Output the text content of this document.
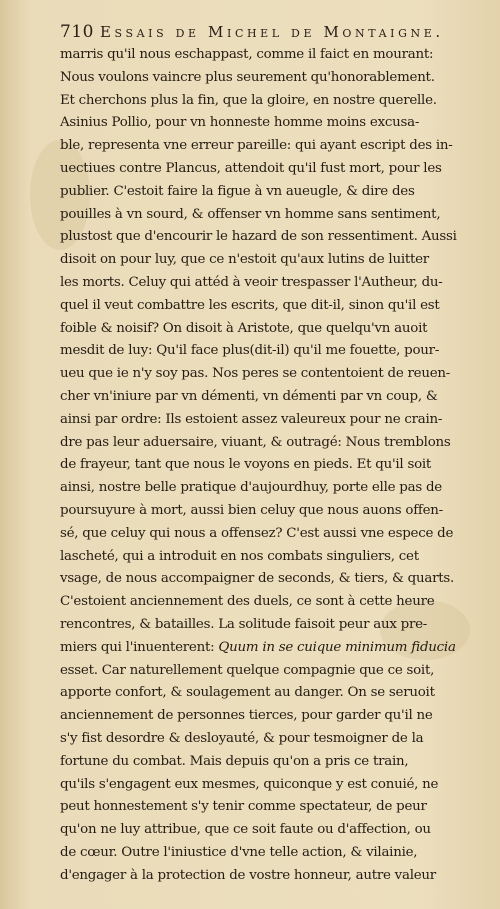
710 Essais de Michel de Montaigne.
marris qu'il nous eschappast, comme il faict en mourant:
Nous voulons vaincre plus seurement qu'honorablement.
Et cherchons plus la fin, que la gloire, en nostre querelle.
Asinius Pollio, pour vn honneste homme moins excusa-
ble, representa vne erreur pareille: qui ayant escript des in-
uectiues contre Plancus, attendoit qu'il fust mort, pour les
publier. C'estoit faire la figue à vn aueugle, & dire des
pouilles à vn sourd, & offenser vn homme sans sentiment,
plustost que d'encourir le hazard de son ressentiment. Aussi
disoit on pour luy, que ce n'estoit qu'aux lutins de luitter
les morts. Celuy qui attéd à veoir trespasser l'Autheur, du-
quel il veut combattre les escrits, que dit-il, sinon qu'il est
foible & noisif? On disoit à Aristote, que quelqu'vn auoit
mesdit de luy: Qu'il face plus(dit-il) qu'il me fouette, pour-
ueu que ie n'y soy pas. Nos peres se contentoient de reuen-
cher vn'iniure par vn démenti, vn démenti par vn coup, &
ainsi par ordre: Ils estoient assez valeureux pour ne crain-
dre pas leur aduersaire, viuant, & outragé: Nous tremblons
de frayeur, tant que nous le voyons en pieds. Et qu'il soit
ainsi, nostre belle pratique d'aujourdhuy, porte elle pas de
poursuyure à mort, aussi bien celuy que nous auons offen-
sé, que celuy qui nous a offensez? C'est aussi vne espece de
lascheté, qui a introduit en nos combats singuliers, cet
vsage, de nous accompaigner de seconds, & tiers, & quarts.
C'estoient anciennement des duels, ce sont à cette heure
rencontres, & batailles. La solitude faisoit peur aux pre-
miers qui l'inuenterent: Quum in se cuique minimum fiducia
esset. Car naturellement quelque compagnie que ce soit,
apporte confort, & soulagement au danger. On se seruoit
anciennement de personnes tierces, pour garder qu'il ne
s'y fist desordre & desloyauté, & pour tesmoigner de la
fortune du combat. Mais depuis qu'on a pris ce train,
qu'ils s'engagent eux mesmes, quiconque y est conuié, ne
peut honnestement s'y tenir comme spectateur, de peur
qu'on ne luy attribue, que ce soit faute ou d'affection, ou
de cœur. Outre l'iniustice d'vne telle action, & vilainie,
d'engager à la protection de vostre honneur, autre valeur
